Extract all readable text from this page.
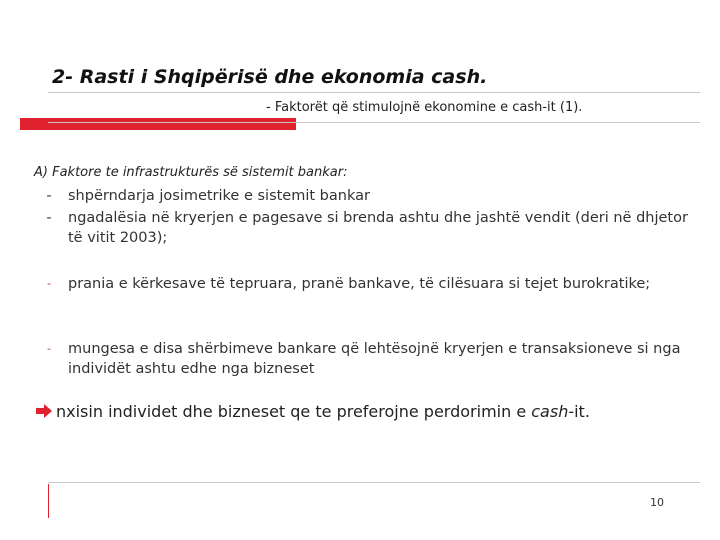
2- Rasti i Shqipërisë dhe ekonomia cash.
- Faktorët që stimulojnë ekonomine e cash-it (1).
A) Faktore te infrastrukturës së sistemit bankar:
-	shpërndarja josimetrike e sistemit bankar
-	ngadalësia në kryerjen e pagesave si brenda ashtu dhe jashtë vendit (deri në dhjetor të vitit 2003);
-	prania e kërkesave të tepruara, pranë bankave, të cilësuara si tejet burokratike;
-	mungesa e disa shërbimeve bankare që lehtësojnë kryerjen e transaksioneve si nga individët ashtu edhe nga bizneset
nxisin individet dhe bizneset qe te preferojne perdorimin e cash-it.
10
